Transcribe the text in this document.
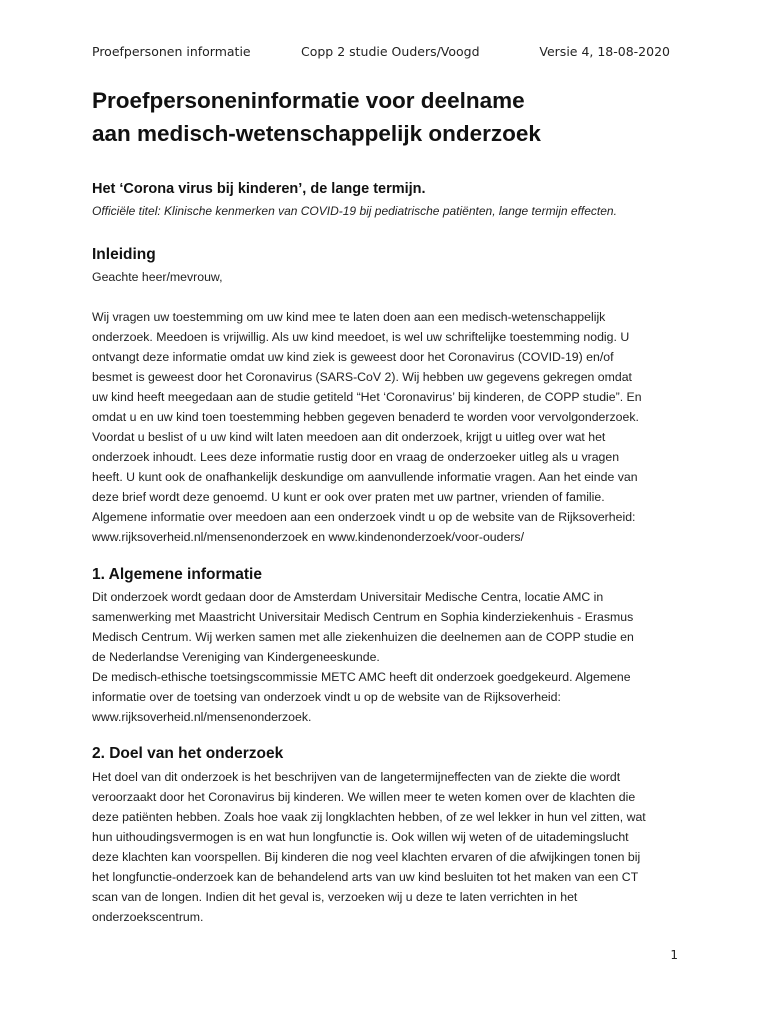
Proefpersonen informatie	Copp 2 studie Ouders/Voogd	Versie 4, 18-08-2020
Proefpersoneninformatie voor deelname
aan medisch-wetenschappelijk onderzoek

Het ‘Corona virus bij kinderen’, de lange termijn.

Officiële titel: Klinische kenmerken van COVID-19 bij pediatrische patiënten, lange termijn effecten.

Inleiding

Geachte heer/mevrouw,

Wij vragen uw toestemming om uw kind mee te laten doen aan een medisch-wetenschappelijk
onderzoek. Meedoen is vrijwillig. Als uw kind meedoet, is wel uw schriftelijke toestemming nodig. U
ontvangt deze informatie omdat uw kind ziek is geweest door het Coronavirus (COVID-19) en/of
besmet is geweest door het Coronavirus (SARS-CoV 2). Wij hebben uw gegevens gekregen omdat
uw kind heeft meegedaan aan de studie getiteld “Het ‘Coronavirus’ bij kinderen, de COPP studie”. En
omdat u en uw kind toen toestemming hebben gegeven benaderd te worden voor vervolgonderzoek.
Voordat u beslist of u uw kind wilt laten meedoen aan dit onderzoek, krijgt u uitleg over wat het
onderzoek inhoudt. Lees deze informatie rustig door en vraag de onderzoeker uitleg als u vragen
heeft. U kunt ook de onafhankelijk deskundige om aanvullende informatie vragen. Aan het einde van
deze brief wordt deze genoemd. U kunt er ook over praten met uw partner, vrienden of familie.
Algemene informatie over meedoen aan een onderzoek vindt u op de website van de Rijksoverheid:
www.rijksoverheid.nl/mensenonderzoek en www.kindenonderzoek/voor-ouders/

1. Algemene informatie

Dit onderzoek wordt gedaan door de Amsterdam Universitair Medische Centra, locatie AMC in
samenwerking met Maastricht Universitair Medisch Centrum en Sophia kinderziekenhuis - Erasmus
Medisch Centrum. Wij werken samen met alle ziekenhuizen die deelnemen aan de COPP studie en
de Nederlandse Vereniging van Kindergeneeskunde.
De medisch-ethische toetsingscommissie METC AMC heeft dit onderzoek goedgekeurd. Algemene
informatie over de toetsing van onderzoek vindt u op de website van de Rijksoverheid:
www.rijksoverheid.nl/mensenonderzoek.

2. Doel van het onderzoek

Het doel van dit onderzoek is het beschrijven van de langetermijneffecten van de ziekte die wordt
veroorzaakt door het Coronavirus bij kinderen. We willen meer te weten komen over de klachten die
deze patiënten hebben. Zoals hoe vaak zij longklachten hebben, of ze wel lekker in hun vel zitten, wat
hun uithoudingsvermogen is en wat hun longfunctie is. Ook willen wij weten of de uitademingslucht
deze klachten kan voorspellen. Bij kinderen die nog veel klachten ervaren of die afwijkingen tonen bij
het longfunctie-onderzoek kan de behandelend arts van uw kind besluiten tot het maken van een CT
scan van de longen. Indien dit het geval is, verzoeken wij u deze te laten verrichten in het
onderzoekscentrum.

1
